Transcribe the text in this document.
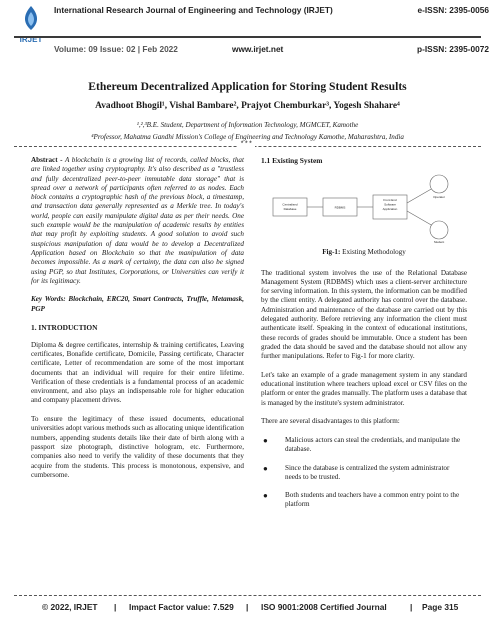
IRJET
International Research Journal of Engineering and Technology (IRJET)	e-ISSN: 2395-0056
Volume: 09 Issue: 02 | Feb 2022	www.irjet.net	p-ISSN: 2395-0072
Ethereum Decentralized Application for Storing Student Results
Avadhoot Bhogil¹, Vishal Bambare², Prajyot Chemburkar³, Yogesh Shahare⁴
¹,²,³B.E. Student, Department of Information Technology, MGMCET, Kamothe
⁴Professor, Mahatma Gandhi Mission's College of Engineering and Technology Kamothe, Maharashtra, India
***

Abstract - A blockchain is a growing list of records, called blocks, that are linked together using cryptography. It's also described as a "trustless and fully decentralized peer-to-peer immutable data storage" that is spread over a network of participants often referred to as nodes. Each block contains a cryptographic hash of the previous block, a timestamp, and transaction data generally represented as a Merkle tree. In today's world, people can easily manipulate digital data as per their needs. One such example would be the manipulation of academic results by entities that may profit by exploiting students. A good solution to avoid such suspicious manipulation of data would be to develop a Decentralized Application based on Blockchain so that the manipulation of data becomes impossible. As a mark of certainty, the data can also be signed using PGP, so that Institutes, Corporations, or Universities can verify it for its legitimacy.

Key Words: Blockchain, ERC20, Smart Contracts, Truffle, Metamask, PGP

1. INTRODUCTION

Diploma & degree certificates, internship & training certificates, Leaving certificates, Bonafide certificate, Domicile, Passing certificate, Character certificate, Letter of recommendation are some of the most important documents that an individual will require for their entire lifetime. Verification of these credentials is a fundamental process of an academic environment, and also plays an indispensable role for higher education and company placement drives.

To ensure the legitimacy of these issued documents, educational universities adopt various methods such as allocating unique identification numbers, appending students details like their date of birth along with a passport size photograph, distinctive hologram, etc. Furthermore, companies also need to verify the validity of these documents that they acquire from the students. This process is monotonous, expensive, and cumbersome.

1.1 Existing System
Centralised
Database	RDBMS
Front End
Software
Application
Operator
Student
Fig-1: Existing Methodology

The traditional system involves the use of the Relational Database Management System (RDBMS) which uses a client-server architecture for serving information. In this system, the information can be modified by the client entity. A delegated authority has control over the database. Administration and maintenance of the database are carried out by this delegated authority. Before retrieving any information the client must authenticate itself. Speaking in the context of educational institutions, these records of grades should be immutable. Once a student has been graded the data should be saved and the database should not allow any further manipulations. Refer to Fig-1 for more clarity.

Let's take an example of a grade management system in any standard educational institution where teachers upload excel or CSV files on the platform or enter the grades manually. The platform uses a database that is managed by the institute's system administrator.

There are several disadvantages to this platform:

● Malicious actors can steal the credentials, and manipulate the database.
● Since the database is centralized the system administrator needs to be trusted.
● Both students and teachers have a common entry point to the platform
© 2022, IRJET | Impact Factor value: 7.529 | ISO 9001:2008 Certified Journal	| Page 315
